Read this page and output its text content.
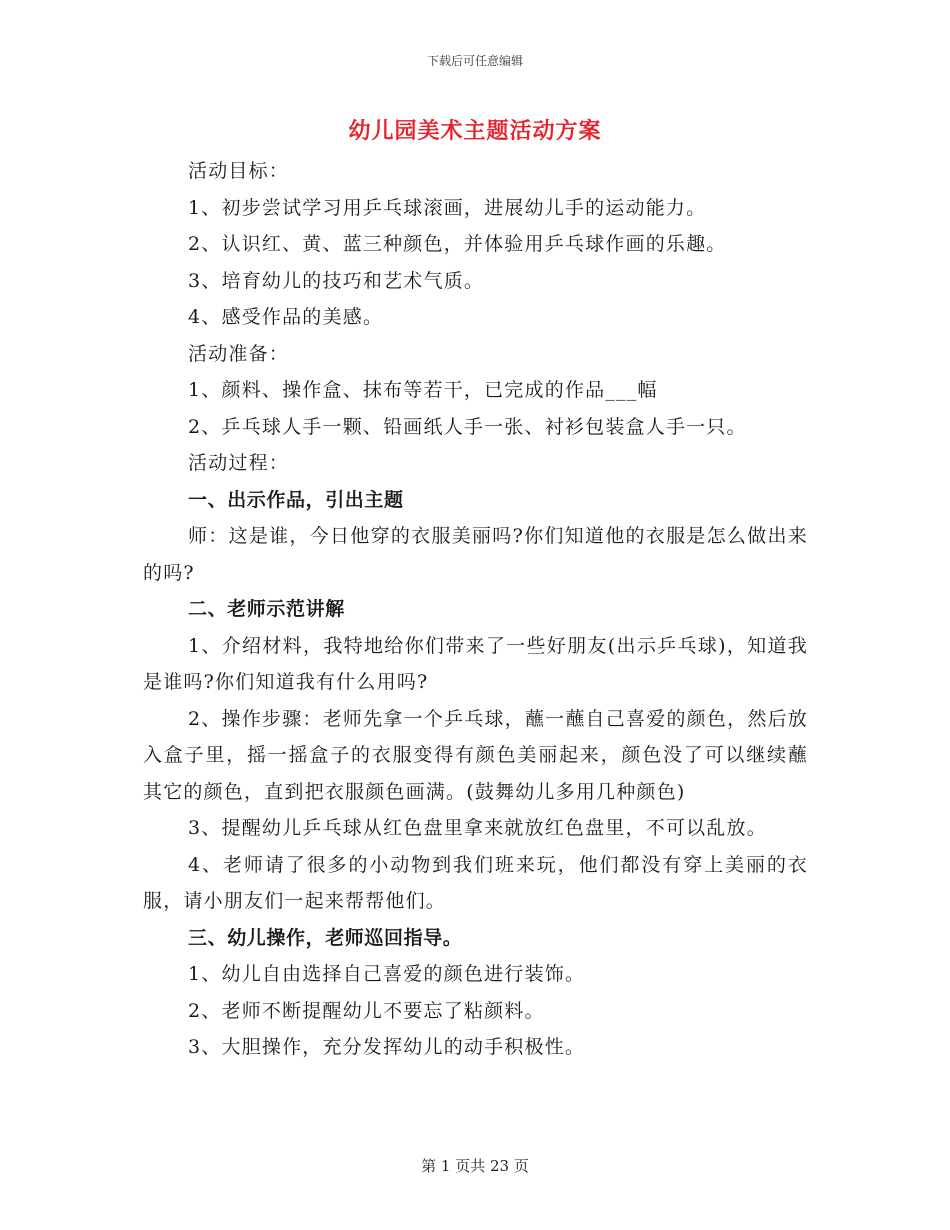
下载后可任意编辑
幼儿园美术主题活动方案
活动目标：
1、初步尝试学习用乒乓球滚画，进展幼儿手的运动能力。
2、认识红、黄、蓝三种颜色，并体验用乒乓球作画的乐趣。
3、培育幼儿的技巧和艺术气质。
4、感受作品的美感。
活动准备：
1、颜料、操作盒、抹布等若干，已完成的作品___幅
2、乒乓球人手一颗、铅画纸人手一张、衬衫包装盒人手一只。
活动过程：
一、出示作品，引出主题
师：这是谁，今日他穿的衣服美丽吗?你们知道他的衣服是怎么做出来的吗?
二、老师示范讲解
1、介绍材料，我特地给你们带来了一些好朋友(出示乒乓球)，知道我是谁吗?你们知道我有什么用吗?
2、操作步骤：老师先拿一个乒乓球，蘸一蘸自己喜爱的颜色，然后放入盒子里，摇一摇盒子的衣服变得有颜色美丽起来，颜色没了可以继续蘸其它的颜色，直到把衣服颜色画满。(鼓舞幼儿多用几种颜色)
3、提醒幼儿乒乓球从红色盘里拿来就放红色盘里，不可以乱放。
4、老师请了很多的小动物到我们班来玩，他们都没有穿上美丽的衣服，请小朋友们一起来帮帮他们。
三、幼儿操作，老师巡回指导。
1、幼儿自由选择自己喜爱的颜色进行装饰。
2、老师不断提醒幼儿不要忘了粘颜料。
3、大胆操作，充分发挥幼儿的动手积极性。
第 1 页共 23 页
